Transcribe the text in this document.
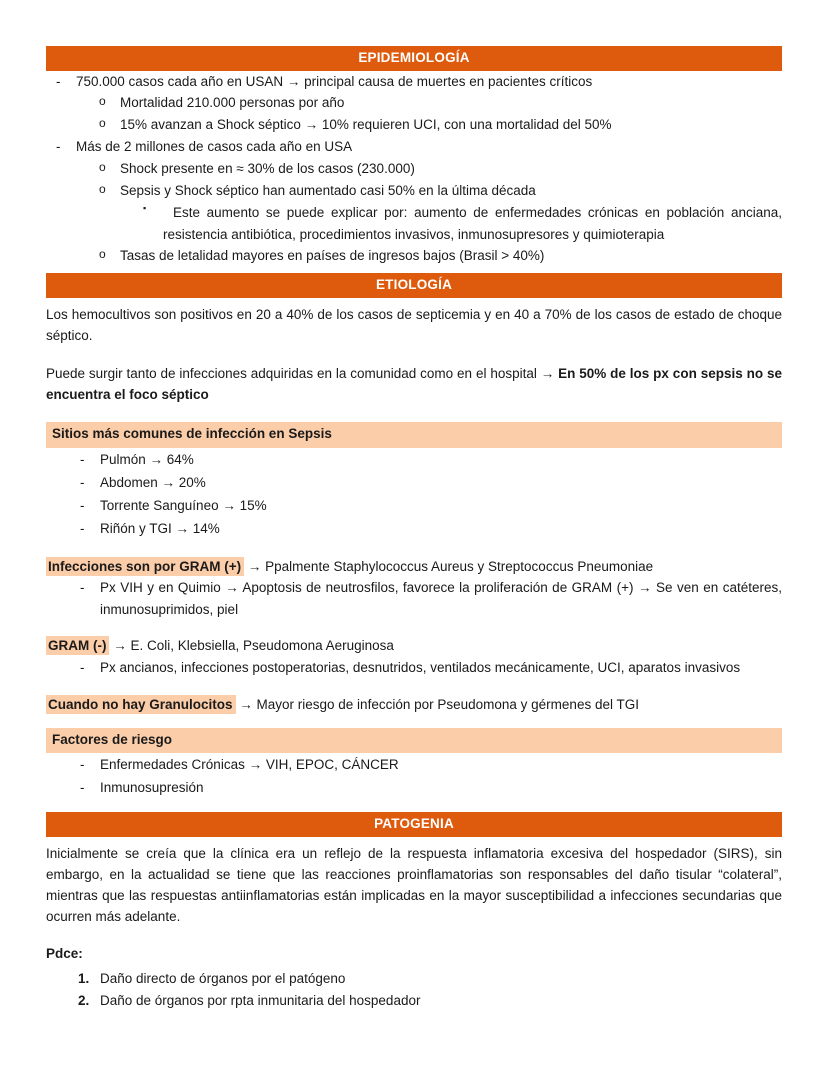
EPIDEMIOLOGÍA
- 750.000 casos cada año en USAN → principal causa de muertes en pacientes críticos
o Mortalidad 210.000 personas por año
o 15% avanzan a Shock séptico → 10% requieren UCI, con una mortalidad del 50%
- Más de 2 millones de casos cada año en USA
o Shock presente en ≈ 30% de los casos (230.000)
o Sepsis y Shock séptico han aumentado casi 50% en la última década
▪	Este aumento se puede explicar por: aumento de enfermedades crónicas en población anciana, resistencia antibiótica, procedimientos invasivos, inmunosupresores y quimioterapia
o Tasas de letalidad mayores en países de ingresos bajos (Brasil > 40%)
ETIOLOGÍA

Los hemocultivos son positivos en 20 a 40% de los casos de septicemia y en 40 a 70% de los casos de estado de choque séptico.

Puede surgir tanto de infecciones adquiridas en la comunidad como en el hospital → En 50% de los px con sepsis no se encuentra el foco séptico

Sitios más comunes de infección en Sepsis
- Pulmón → 64%
- Abdomen → 20%
- Torrente Sanguíneo → 15%
- Riñón y TGI → 14%

Infecciones son por GRAM (+) → Ppalmente Staphylococcus Aureus y Streptococcus Pneumoniae

- Px VIH y en Quimio → Apoptosis de neutrosfilos, favorece la proliferación de GRAM (+) → Se ven en catéteres, inmunosuprimidos, piel

GRAM (-) → E. Coli, Klebsiella, Pseudomona Aeruginosa

- Px ancianos, infecciones postoperatorias, desnutridos, ventilados mecánicamente, UCI, aparatos invasivos

Cuando no hay Granulocitos → Mayor riesgo de infección por Pseudomona y gérmenes del TGI

Factores de riesgo
- Enfermedades Crónicas → VIH, EPOC, CÁNCER
- Inmunosupresión
PATOGENIA

Inicialmente se creía que la clínica era un reflejo de la respuesta inflamatoria excesiva del hospedador (SIRS), sin embargo, en la actualidad se tiene que las reacciones proinflamatorias son responsables del daño tisular “colateral”, mientras que las respuestas antiinflamatorias están implicadas en la mayor susceptibilidad a infecciones secundarias que ocurren más adelante.

Pdce:

1. Daño directo de órganos por el patógeno
2. Daño de órganos por rpta inmunitaria del hospedador
